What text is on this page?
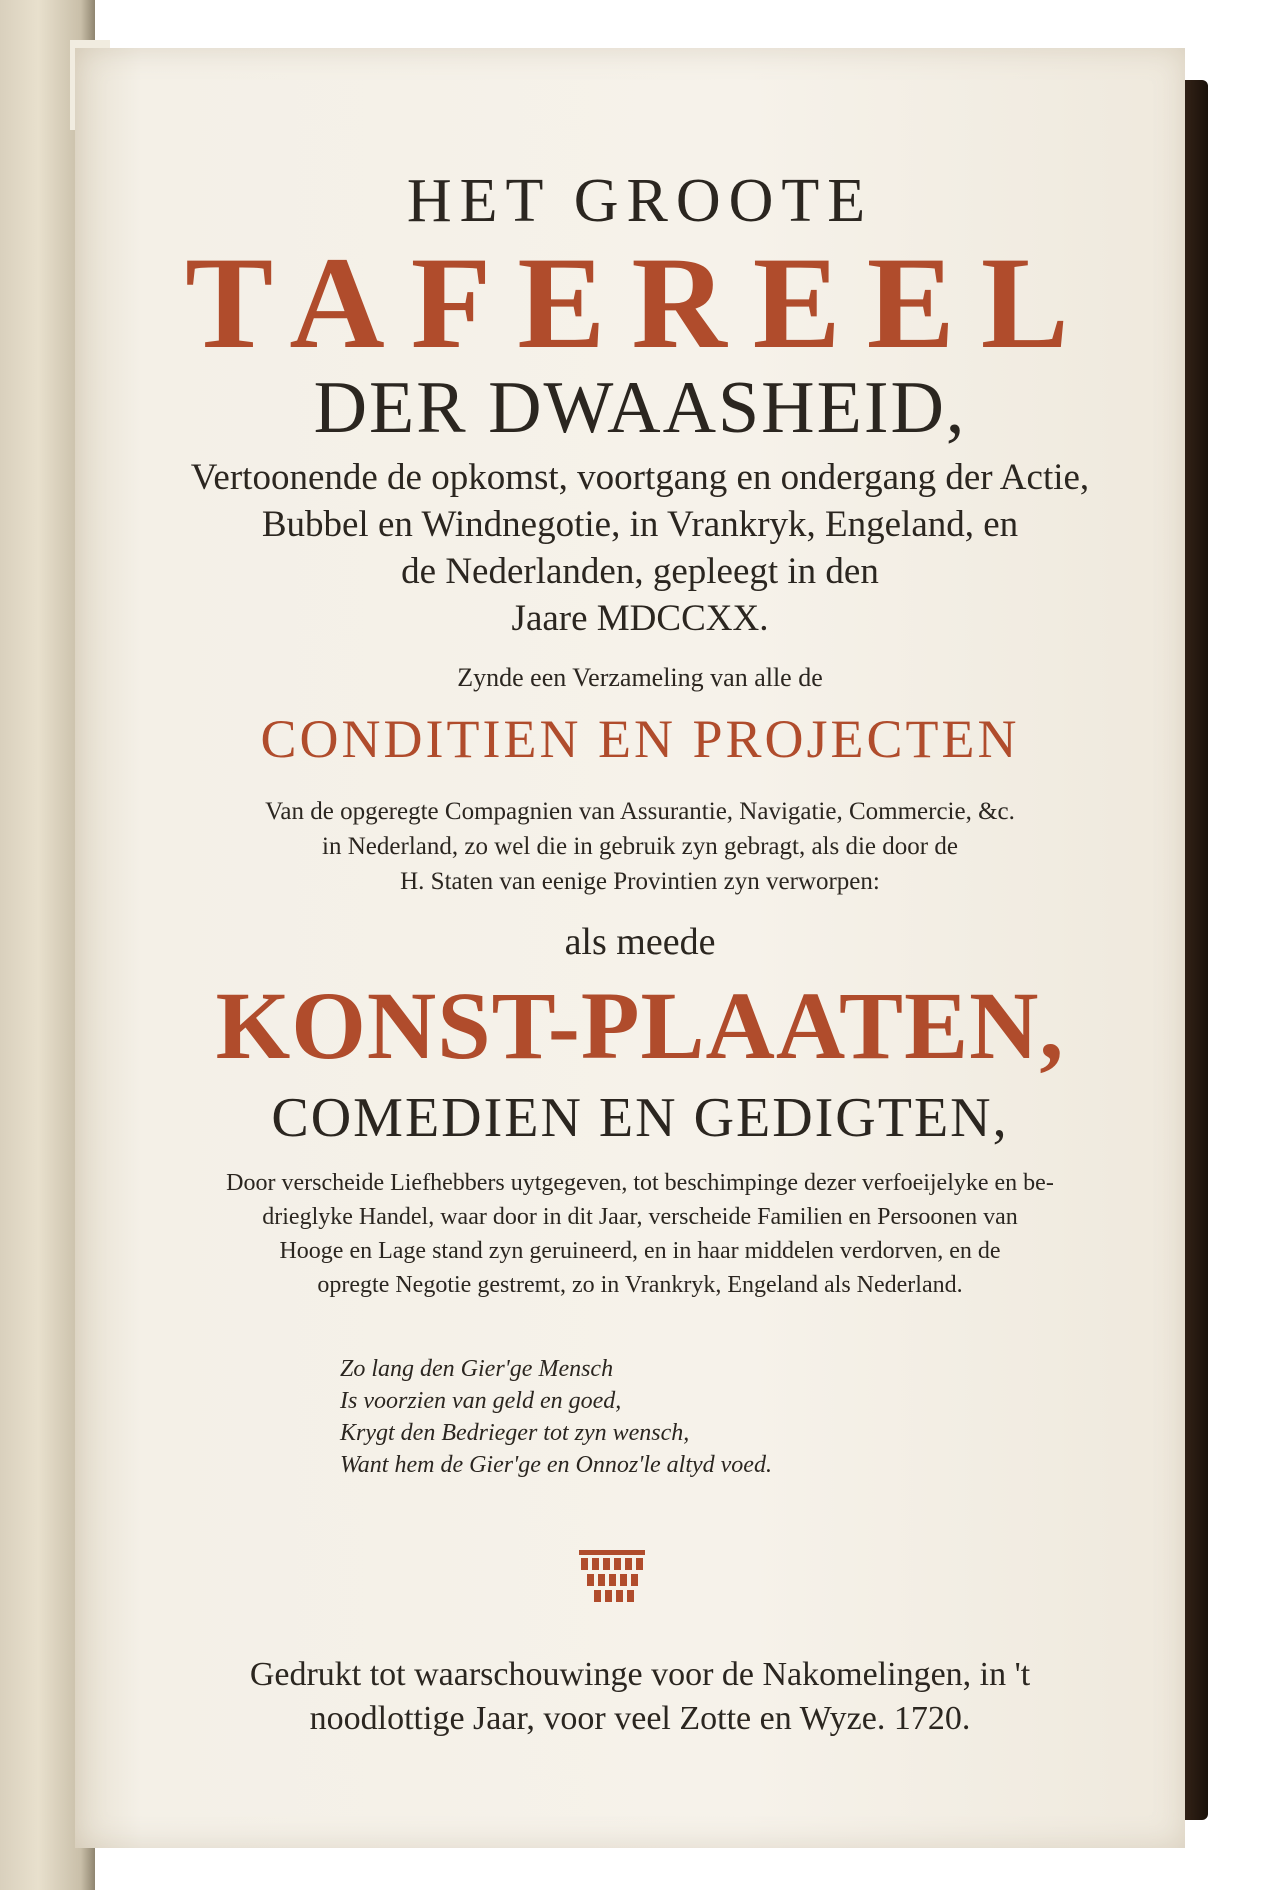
HET GROOTE
TAFEREEL
DER DWAASHEID,
Vertoonende de opkomst, voortgang en ondergang der Actie,
Bubbel en Windnegotie, in Vrankryk, Engeland, en
de Nederlanden, gepleegt in den
Jaare MDCCXX.
Zynde een Verzameling van alle de
CONDITIEN EN PROJECTEN
Van de opgeregte Compagnien van Assurantie, Navigatie, Commercie, &c.
in Nederland, zo wel die in gebruik zyn gebragt, als die door de
H. Staten van eenige Provintien zyn verworpen:
als meede
KONST-PLAATEN,
COMEDIEN EN GEDIGTEN,
Door verscheide Liefhebbers uytgegeven, tot beschimpinge dezer verfoeijelyke en be-
drieglyke Handel, waar door in dit Jaar, verscheide Familien en Persoonen van
Hooge en Lage stand zyn geruineerd, en in haar middelen verdorven, en de
opregte Negotie gestremt, zo in Vrankryk, Engeland als Nederland.
Zo lang den Gier'ge Mensch
Is voorzien van geld en goed,
Krygt den Bedrieger tot zyn wensch,
Want hem de Gier'ge en Onnoz'le altyd voed.
Gedrukt tot waarschouwinge voor de Nakomelingen, in 't
noodlottige Jaar, voor veel Zotte en Wyze. 1720.
